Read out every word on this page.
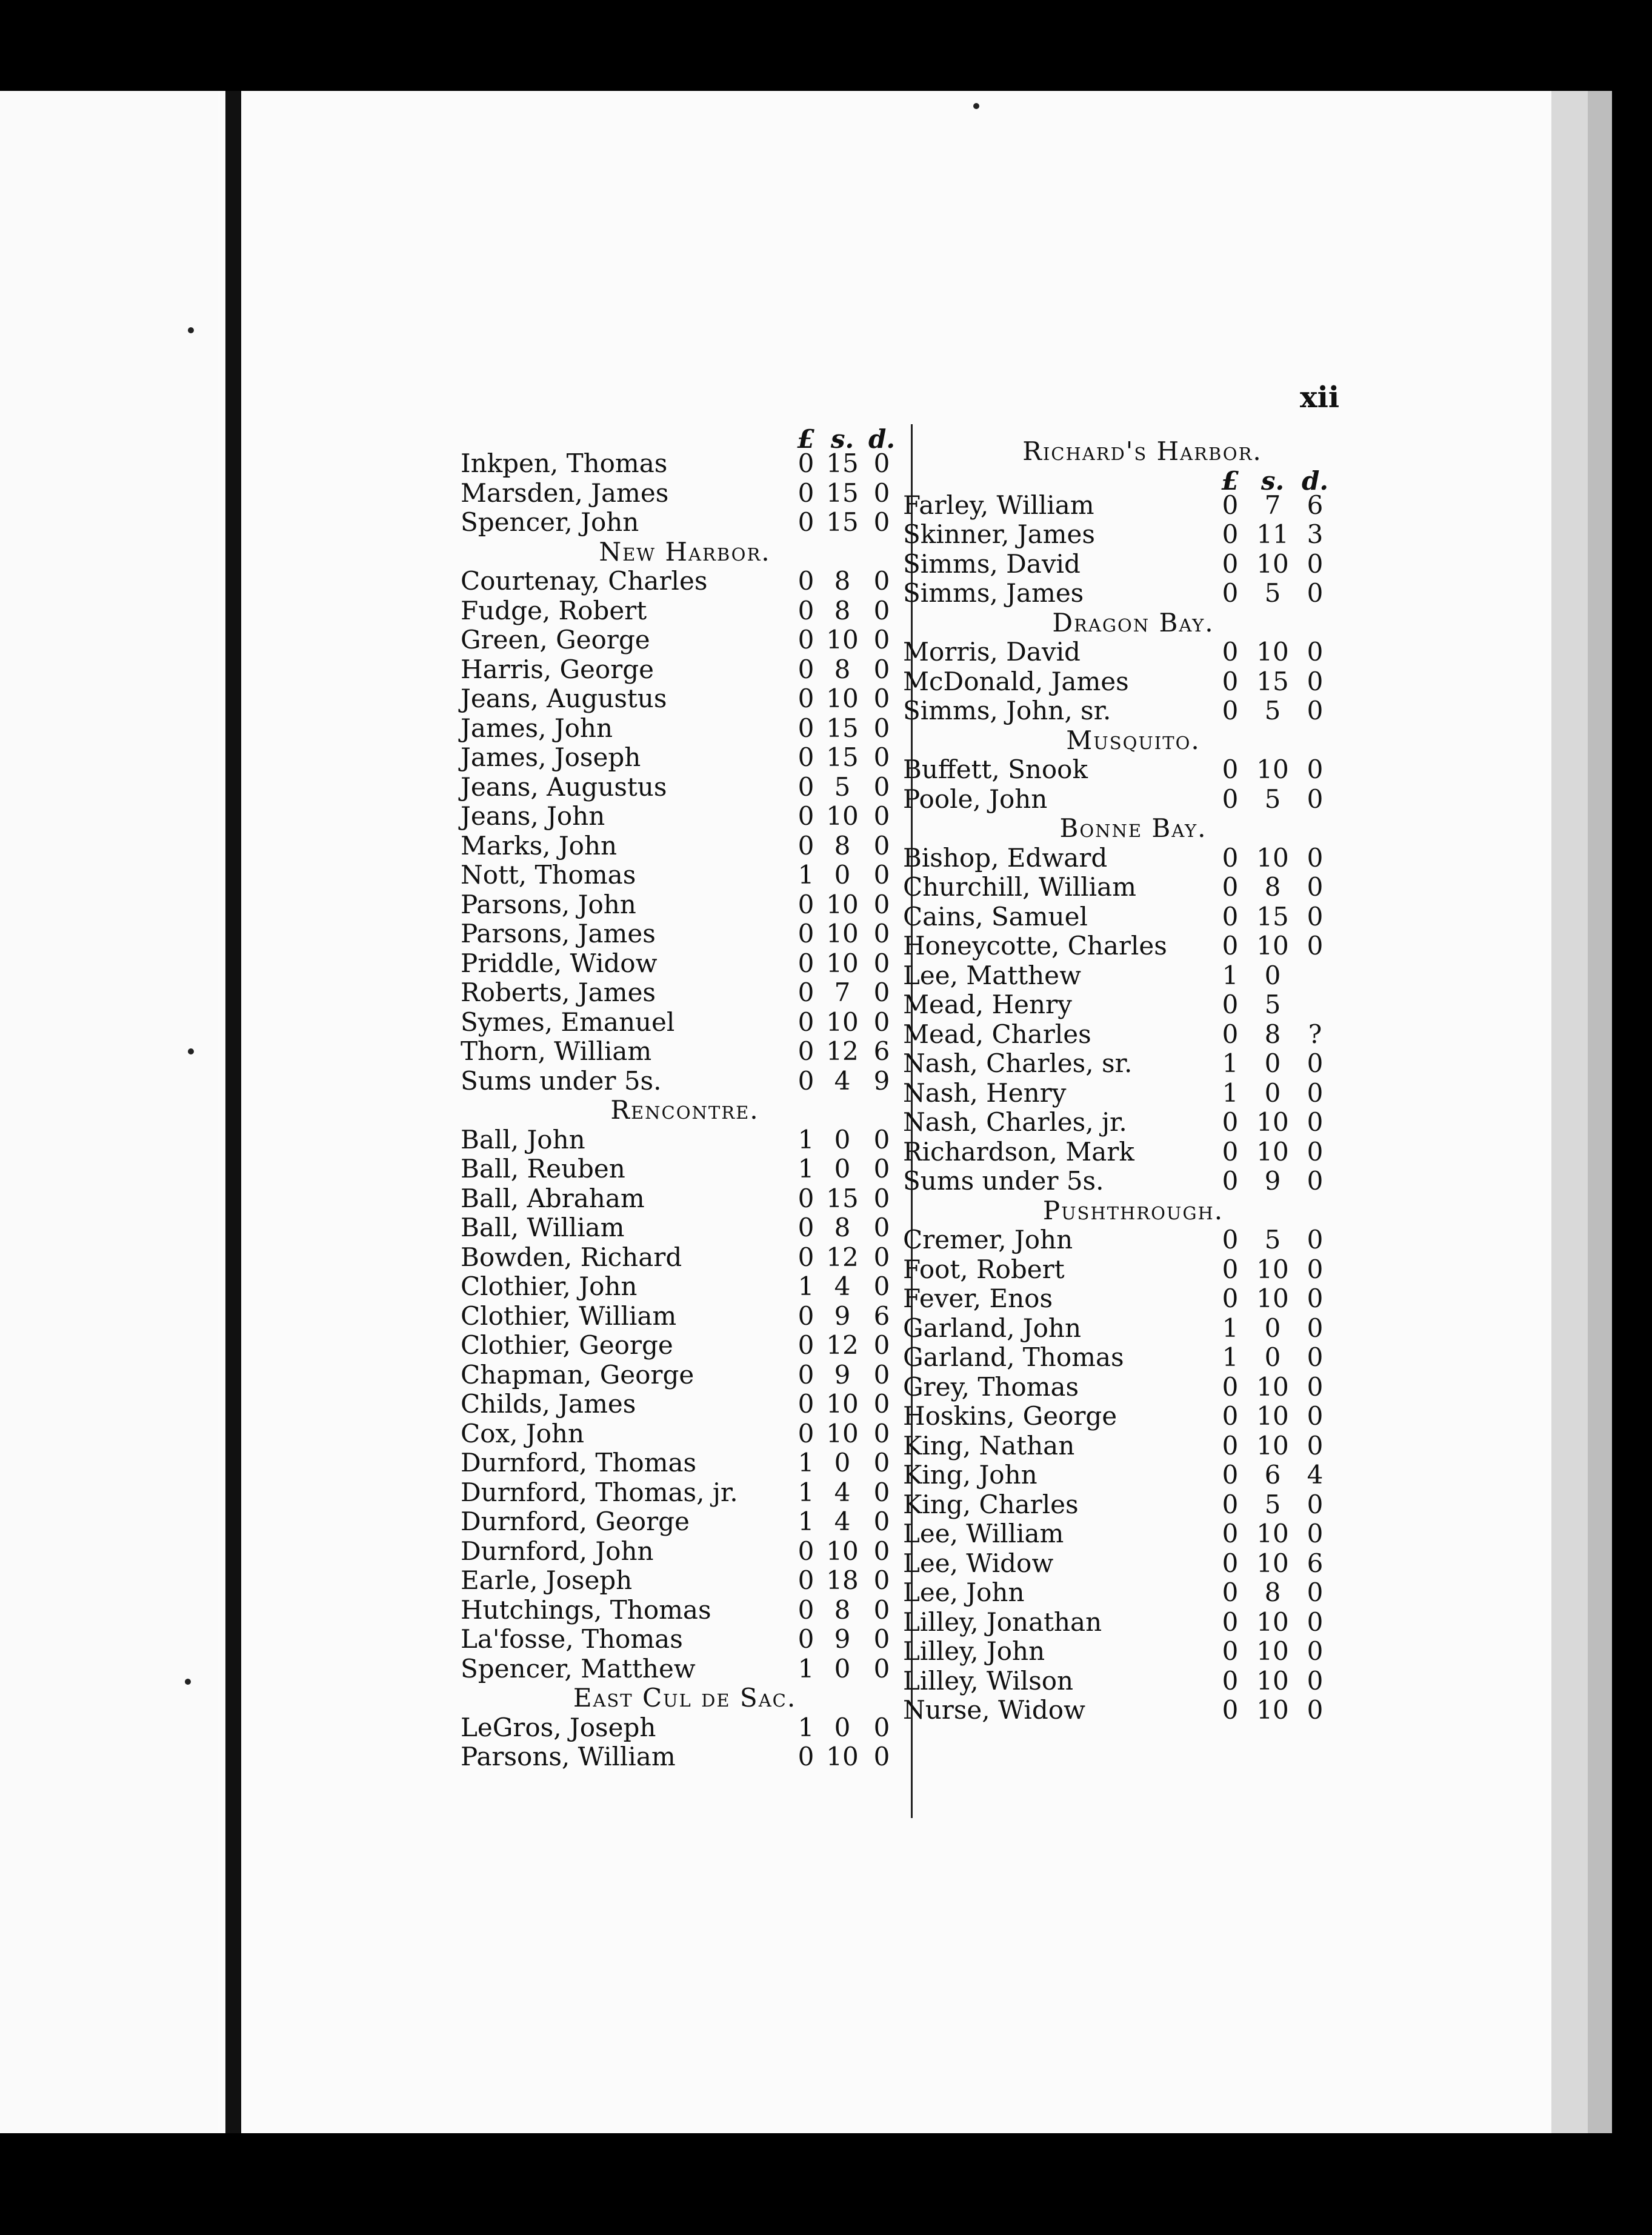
xii
£ s. d.
Inkpen, Thomas	0 15 0
Marsden, James	0 15 0
Spencer, John	0 15 0
New Harbor.
Courtenay, Charles	0 8 0
Fudge, Robert	0 8 0
Green, George	0 10 0
Harris, George	0 8 0
Jeans, Augustus	0 10 0
James, John	0 15 0
James, Joseph	0 15 0
Jeans, Augustus	0 5 0
Jeans, John	0 10 0
Marks, John	0 8 0
Nott, Thomas	1 0 0
Parsons, John	0 10 0
Parsons, James	0 10 0
Priddle, Widow	0 10 0
Roberts, James	0 7 0
Symes, Emanuel	0 10 0
Thorn, William	0 12 6
Sums under 5s.	0 4 9
Rencontre.
Ball, John	1 0 0
Ball, Reuben	1 0 0
Ball, Abraham	0 15 0
Ball, William	0 8 0
Bowden, Richard	0 12 0
Clothier, John	1 4 0
Clothier, William	0 9 6
Clothier, George	0 12 0
Chapman, George	0 9 0
Childs, James	0 10 0
Cox, John	0 10 0
Durnford, Thomas	1 0 0
Durnford, Thomas, jr.	1 4 0
Durnford, George	1 4 0
Durnford, John	0 10 0
Earle, Joseph	0 18 0
Hutchings, Thomas	0 8 0
La'fosse, Thomas	0 9 0
Spencer, Matthew	1 0 0
East Cul de Sac.
LeGros, Joseph	1 0 0
Parsons, William	0 10 0
Richard's Harbor.
£ s. d.
Farley, William	0	7	6
Skinner, James	0 11 3
Simms, David	0 10 0
Simms, James	0	5	0
Dragon Bay.
Morris, David	0 10 0
McDonald, James	0 15 0
Simms, John, sr.	0	5	0
Musquito.
Buffett, Snook	0 10 0
Poole, John	0	5	0
Bonne Bay.
Bishop, Edward	0 10 0
Churchill, William	0	8	0
Cains, Samuel	0 15 0
Honeycotte, Charles	0 10 0
Lee, Matthew	1	0
Mead, Henry	0	5
Mead, Charles	0	8	?
Nash, Charles, sr.	1	0	0
Nash, Henry	1	0	0
Nash, Charles, jr.	0 10 0
Richardson, Mark	0 10 0
Sums under 5s.	0	9	0
Pushthrough.
Cremer, John	0	5	0
Foot, Robert	0 10 0
Fever, Enos	0 10 0
Garland, John	1	0	0
Garland, Thomas	1	0	0
Grey, Thomas	0 10 0
Hoskins, George	0 10 0
King, Nathan	0 10 0
King, John	0	6	4
King, Charles	0	5	0
Lee, William	0 10 0
Lee, Widow	0 10 6
Lee, John	0	8	0
Lilley, Jonathan	0 10 0
Lilley, John	0 10 0
Lilley, Wilson	0 10 0
Nurse, Widow	0 10 0
